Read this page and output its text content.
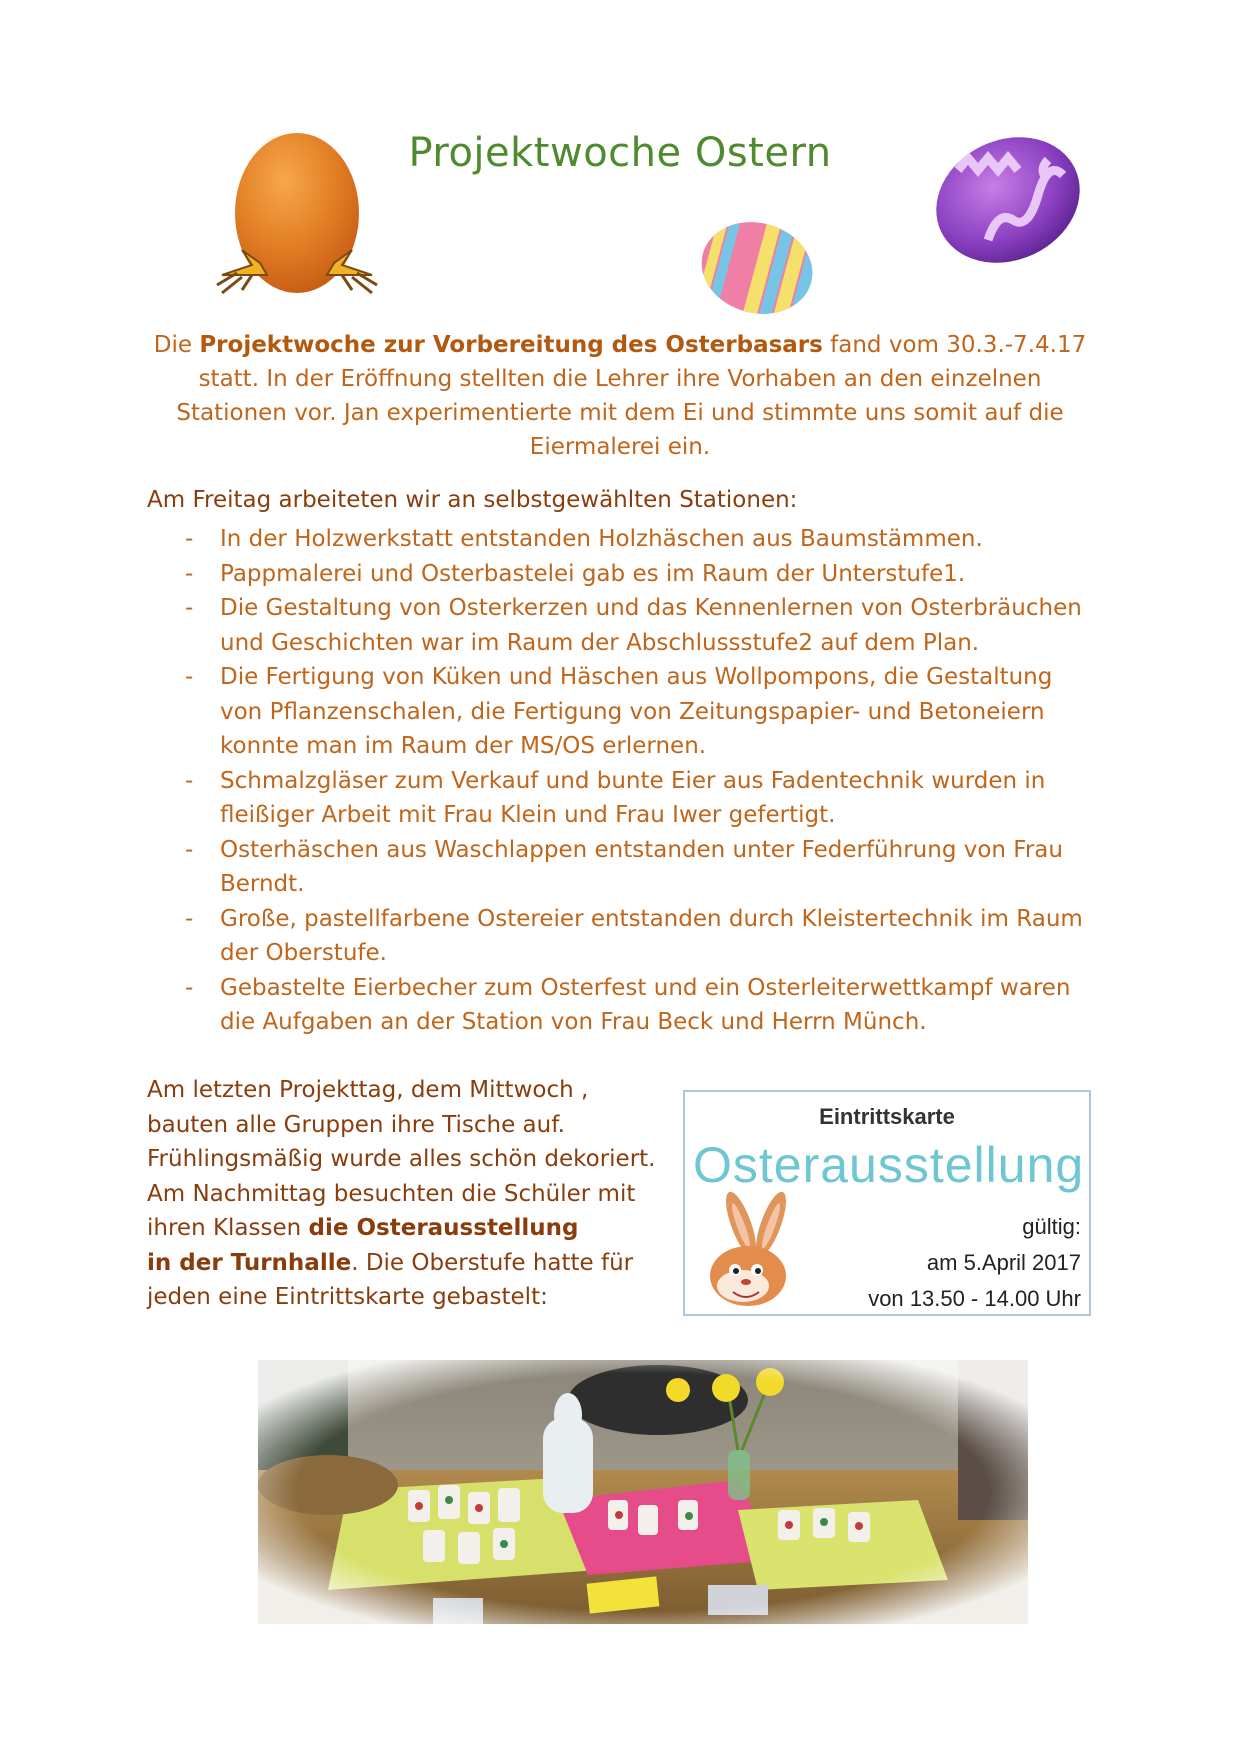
Projektwoche Ostern
Die Projektwoche zur Vorbereitung des Osterbasars fand vom 30.3.-7.4.17 statt. In der Eröffnung stellten die Lehrer ihre Vorhaben an den einzelnen Stationen vor. Jan experimentierte mit dem Ei und stimmte uns somit auf die Eiermalerei ein.
Am Freitag arbeiteten wir an selbstgewählten Stationen:
- In der Holzwerkstatt entstanden Holzhäschen aus Baumstämmen.
- Pappmalerei und Osterbastelei gab es im Raum der Unterstufe1.
- Die Gestaltung von Osterkerzen und das Kennenlernen von Osterbräuchen und Geschichten war im Raum der Abschlussstufe2 auf dem Plan.
- Die Fertigung von Küken und Häschen aus Wollpompons, die Gestaltung von Pflanzenschalen, die Fertigung von Zeitungspapier- und Betoneiern konnte man im Raum der MS/OS erlernen.
- Schmalzgläser zum Verkauf und bunte Eier aus Fadentechnik wurden in fleißiger Arbeit mit Frau Klein und Frau Iwer gefertigt.
- Osterhäschen aus Waschlappen entstanden unter Federführung von Frau Berndt.
- Große, pastellfarbene Ostereier entstanden durch Kleistertechnik im Raum der Oberstufe.
- Gebastelte Eierbecher zum Osterfest und ein Osterleiterwettkampf waren die Aufgaben an der Station von Frau Beck und Herrn Münch.
Am letzten Projekttag, dem Mittwoch ,
bauten alle Gruppen ihre Tische auf.
Frühlingsmäßig wurde alles schön dekoriert.
Am Nachmittag besuchten die Schüler mit
ihren Klassen die Osterausstellung
in der Turnhalle. Die Oberstufe hatte für
jeden eine Eintrittskarte gebastelt:
Eintrittskarte
Osterausstellung
gültig:
am 5.April 2017
von 13.50 - 14.00 Uhr
